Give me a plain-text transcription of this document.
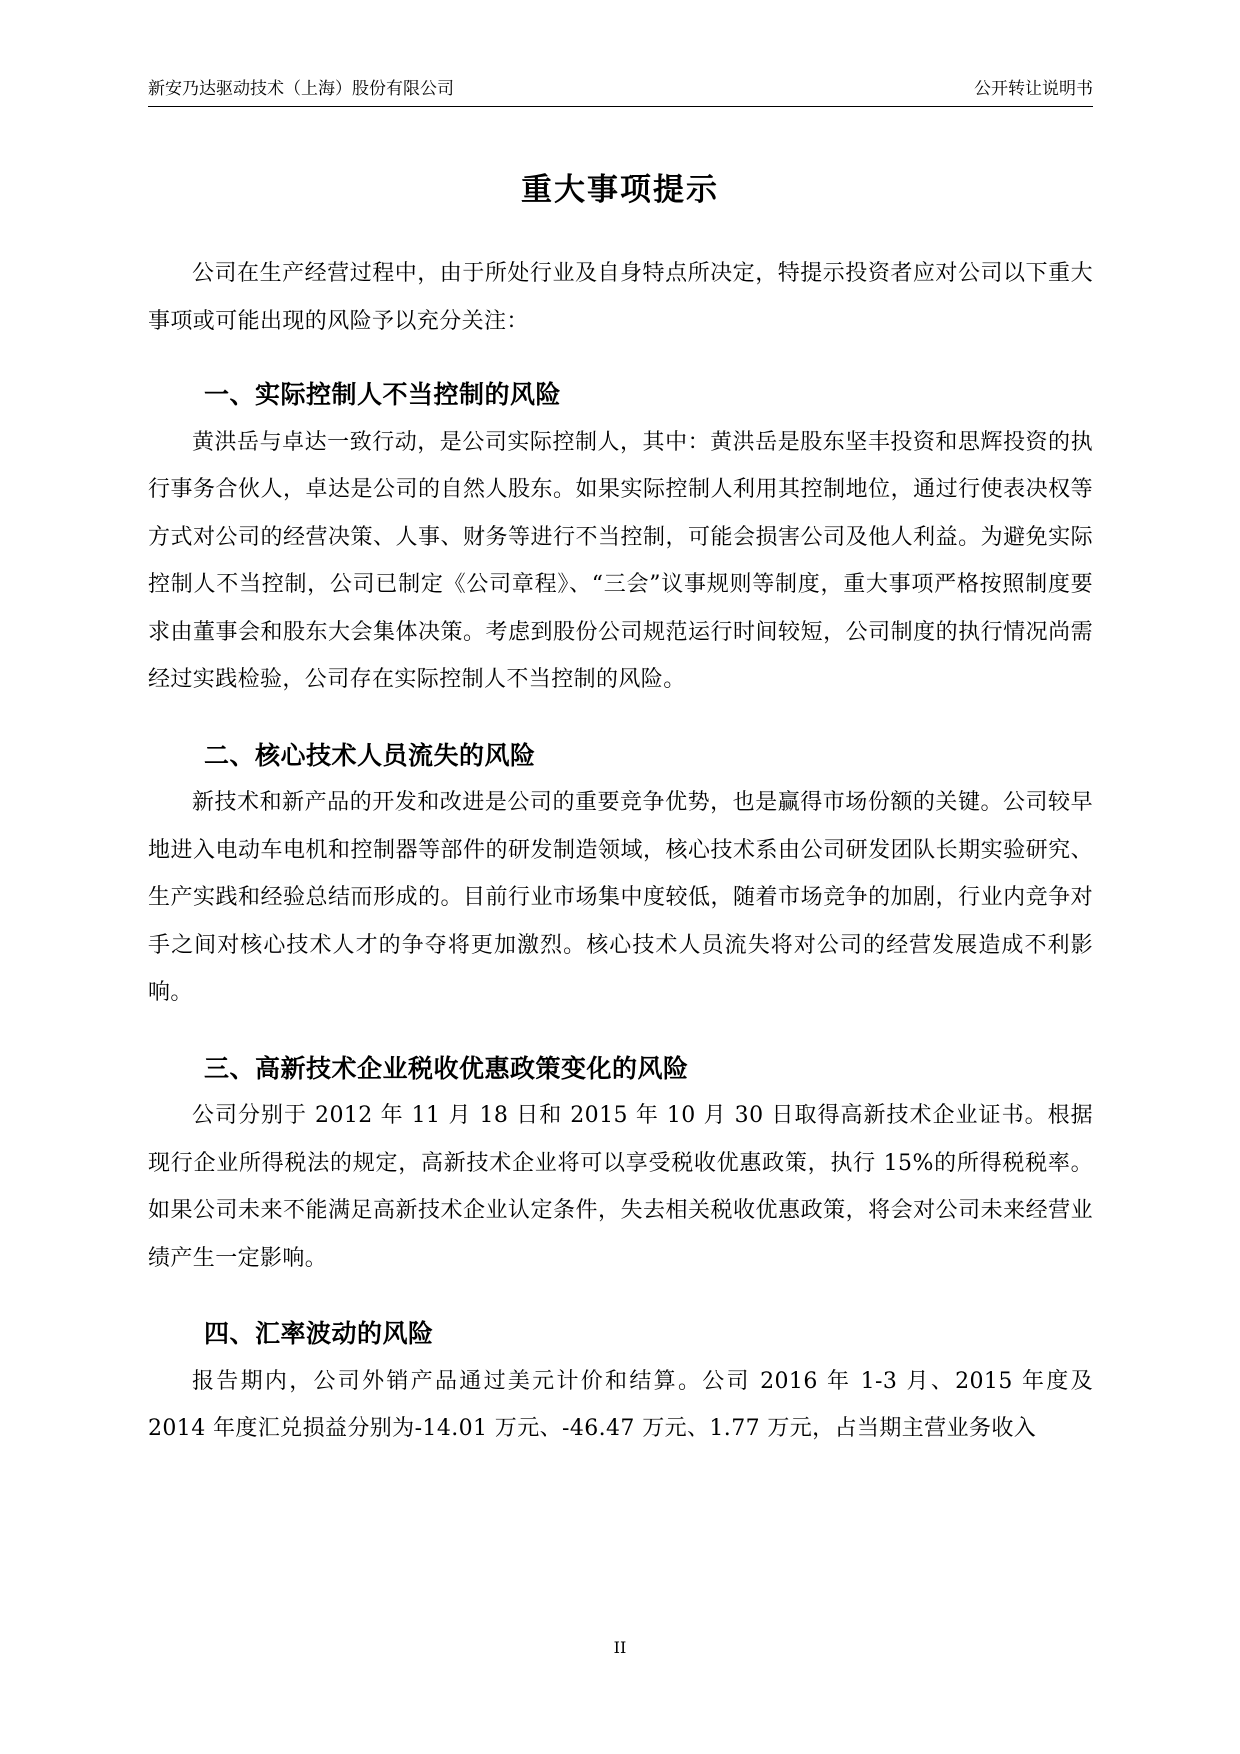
新安乃达驱动技术（上海）股份有限公司	公开转让说明书
重大事项提示

公司在生产经营过程中，由于所处行业及自身特点所决定，特提示投资者应对公司以下重大事项或可能出现的风险予以充分关注：

一、实际控制人不当控制的风险

黄洪岳与卓达一致行动，是公司实际控制人，其中：黄洪岳是股东坚丰投资和思辉投资的执行事务合伙人，卓达是公司的自然人股东。如果实际控制人利用其控制地位，通过行使表决权等方式对公司的经营决策、人事、财务等进行不当控制，可能会损害公司及他人利益。为避免实际控制人不当控制，公司已制定《公司章程》、“三会”议事规则等制度，重大事项严格按照制度要求由董事会和股东大会集体决策。考虑到股份公司规范运行时间较短，公司制度的执行情况尚需经过实践检验，公司存在实际控制人不当控制的风险。

二、核心技术人员流失的风险

新技术和新产品的开发和改进是公司的重要竞争优势，也是赢得市场份额的关键。公司较早地进入电动车电机和控制器等部件的研发制造领域，核心技术系由公司研发团队长期实验研究、生产实践和经验总结而形成的。目前行业市场集中度较低，随着市场竞争的加剧，行业内竞争对手之间对核心技术人才的争夺将更加激烈。核心技术人员流失将对公司的经营发展造成不利影响。

三、高新技术企业税收优惠政策变化的风险

公司分别于 2012 年 11 月 18 日和 2015 年 10 月 30 日取得高新技术企业证书。根据现行企业所得税法的规定，高新技术企业将可以享受税收优惠政策，执行 15%的所得税税率。如果公司未来不能满足高新技术企业认定条件，失去相关税收优惠政策，将会对公司未来经营业绩产生一定影响。

四、汇率波动的风险

报告期内，公司外销产品通过美元计价和结算。公司 2016 年 1-3 月、2015 年度及 2014 年度汇兑损益分别为-14.01 万元、-46.47 万元、1.77 万元，占当期主营业务收入

II
